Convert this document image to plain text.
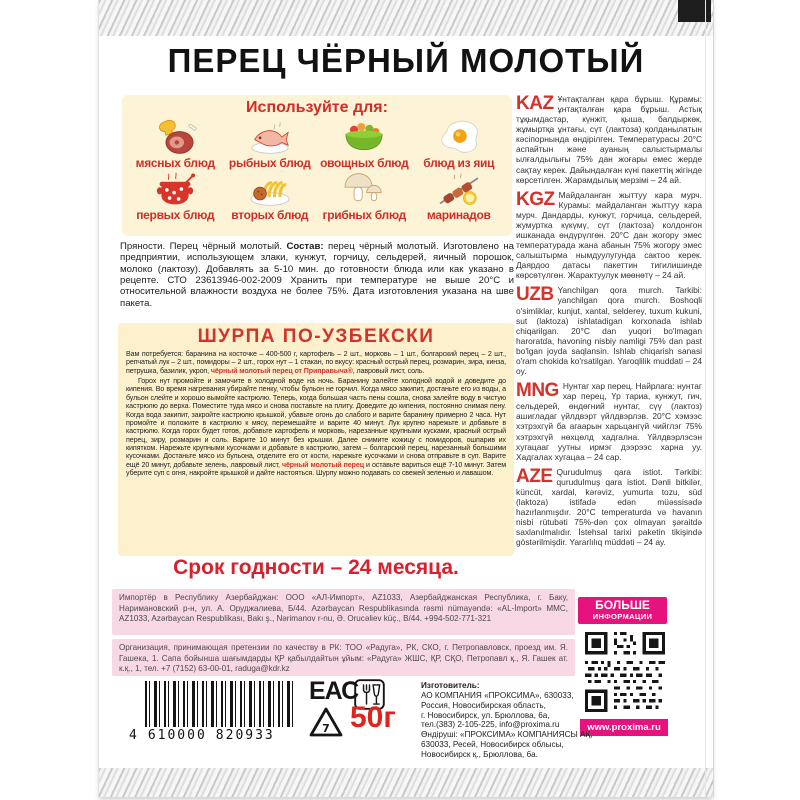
ПЕРЕЦ ЧЁРНЫЙ МОЛОТЫЙ
Используйте для:
мясных блюд	рыбных блюд овощных блюд	блюд из яиц
первых блюд	вторых блюд	грибных блюд	маринадов
Пряности. Перец чёрный молотый. Состав: перец чёрный молотый. Изготовлено на предприятии, использующем злаки, кунжут, горчицу, сельдерей, яичный порошок, молоко (лактозу). Добавлять за 5-10 мин. до готовности блюда или как указано в рецепте. СТО 23613946-002-2009 Хранить при температуре не выше 20°С и относительной влажности воздуха не более 75%. Дата изготовления указана на шве пакета.
ШУРПА ПО-УЗБЕКСКИ

Вам потребуется: баранина на косточке – 400-500 г, картофель – 2 шт., морковь – 1 шт., болгарский перец – 2 шт., репчатый лук – 2 шт., помидоры – 2 шт., горох нут – 1 стакан, по вкусу: красный острый перец, розмарин, зира, кинза, петрушка, базилик, укроп, чёрный молотый перец от Приправыча®, лавровый лист, соль.

Горох нут промойте и замочите в холодной воде на ночь. Баранину залейте холодной водой и доведите до кипения. Во время нагревания убирайте пенку, чтобы бульон не горчил. Когда мясо закипит, достаньте его из воды, а бульон слейте и хорошо вымойте кастрюлю. Теперь, когда большая часть пены сошла, снова залейте воду в чистую кастрюлю до верха. Поместите туда мясо и снова поставьте на плиту. Доведите до кипения, постоянно снимая пену. Когда вода закипит, закройте кастрюлю крышкой, убавьте огонь до слабого и варите баранину примерно 2 часа. Нут промойте и положите в кастрюлю к мясу, перемешайте и варите 40 минут. Лук крупно нарежьте и добавьте в кастрюлю. Когда горох будет готов, добавьте картофель и морковь, нарезанные крупными кусками, красный острый перец, зиру, розмарин и соль. Варите 10 минут без крышки. Далее снимите кожицу с помидоров, ошпарив их кипятком. Нарежьте крупными кусочками и добавьте в кастрюлю, затем – болгарский перец, нарезанный большими кусочками. Достаньте мясо из бульона, отделите его от кости, нарежьте кусочками и снова отправьте в суп. Варите ещё 20 минут, добавьте зелень, лавровый лист, чёрный молотый перец и оставьте вариться ещё 7-10 минут. Затем уберите суп с огня, накройте крышкой и дайте настояться. Шурпу можно подавать со свежей зеленью и лавашом.

Срок годности – 24 месяца.
Импортёр в Республику Азербайджан: ООО «АЛ-Импорт», AZ1033, Азербайджанская Республика, г. Баку, Наримановский р-н, ул. А. Оруджалиева, Б/44. Azərbaycan Respublikasında rəsmi nümayəndə: «AL-İmport» MMC, AZ1033, Azərbaycan Respublikası, Bakı ş., Nərimanov r-nu, Ə. Orucəliev küç., B/44. +994-502-771-321
Организация, принимающая претензии по качеству в РК: ТОО «Радуга», РК, СКО, г. Петропавловск, проезд им. Я. Гашека, 1. Сапа бойынша шағымдарды ҚР қабылдайтын ұйым: «Радуга» ЖШС, ҚР, СҚО, Петропавл қ., Я. Гашек ат. к.қ., 1, тел. +7 (7152) 63-00-01, raduga@kdr.kz
KAZ Ұнтақталған қара бұрыш. Құрамы: ұнтақталған қара бұрыш. Астық тұқымдастар, күнжіт, қыша, балдыркөк, жұмыртқа ұнтағы, сүт (лактоза) қолданылатын кәсіпорнында өндірілген. Температурасы 20°С аспайтын және ауаның салыстырмалы ылғалдылығы 75% дан жоғары емес жерде сақтау керек. Дайындалған күні пакеттің жігінде көрсетілген. Жарамдылық мерзімі – 24 ай.
KGZ Майдаланган жыттуу кара мурч. Курамы: майдаланган жыттуу кара мурч. Дандарды, кунжут, горчица, сельдерей, жумуртка күкүмү, сүт (лактоза) колдонгон ишканада өндүрүлгөн. 20°С дан жогору эмес температурада жана абанын 75% жогору эмес салыштырма нымдуулугунда сактоо керек. Даярдоо датасы пакеттин тигилишинде көрсөтүлгөн. Жарактуулук мөөнөтү – 24 ай.
UZB Yanchilgan qora murch. Tarkibi: yanchilgan qora murch. Boshoqli o'simliklar, kunjut, xantal, selderey, tuxum kukuni, sut (laktoza) ishlatadigan korxonada ishlab chiqarilgan. 20°C dan yuqori bo'lmagan haroratda, havoning nisbiy namligi 75% dan past bo'lgan joyda saqlansin. Ishlab chiqarish sanasi o'ram chokida ko'rsatilgan. Yaroqlilik muddati – 24 oy.
MNG Нунтаг хар перец. Найрлага: нунтаг хар перец, Үр тариа, кунжут, гич, сельдерей, өндөгний нунтаг, сүү (лактоз) ашигладаг үйлдвэрт үйлдвэрлэв. 20°С хэмээс хэтрэхгүй ба агаарын харьцангүй чийглэг 75% хэтрэхгүй нөхцөлд хадгална. Үйлдвэрлэсэн хугацааг уутны ирмэг дээрээс харна уу. Хадгалах хугацаа – 24 сар.
AZE Qurudulmuş qara istiot. Tərkibi: qurudulmuş qara istiot. Dənli bitkilər, küncüt, xardal, kərəviz, yumurta tozu, süd (laktoza) istifadə edən müəssisədə hazırlanmışdır. 20°C temperaturda və havanın nisbi rütubəti 75%-dən çox olmayan şəraitdə saxlanılmalıdır. İstehsal tarixi paketin tikişində göstərilmişdir. Yararlılıq müddəti – 24 ay.
БОЛЬШЕ
ИНФОРМАЦИИ
www.proxima.ru
4 610000 820933
ЕАС
7 50г
Изготовитель:
АО КОМПАНИЯ «ПРОКСИМА», 630033,
Россия, Новосибирская область,
г. Новосибирск, ул. Брюллова, 6а,
тел.(383) 2-105-225, info@proxima.ru
Өндіруші: «ПРОКСИМА» КОМПАНИЯСЫ АҚ,
630033, Ресей, Новосибирск облысы,
Новосибирск қ., Брюллова, 6а.
